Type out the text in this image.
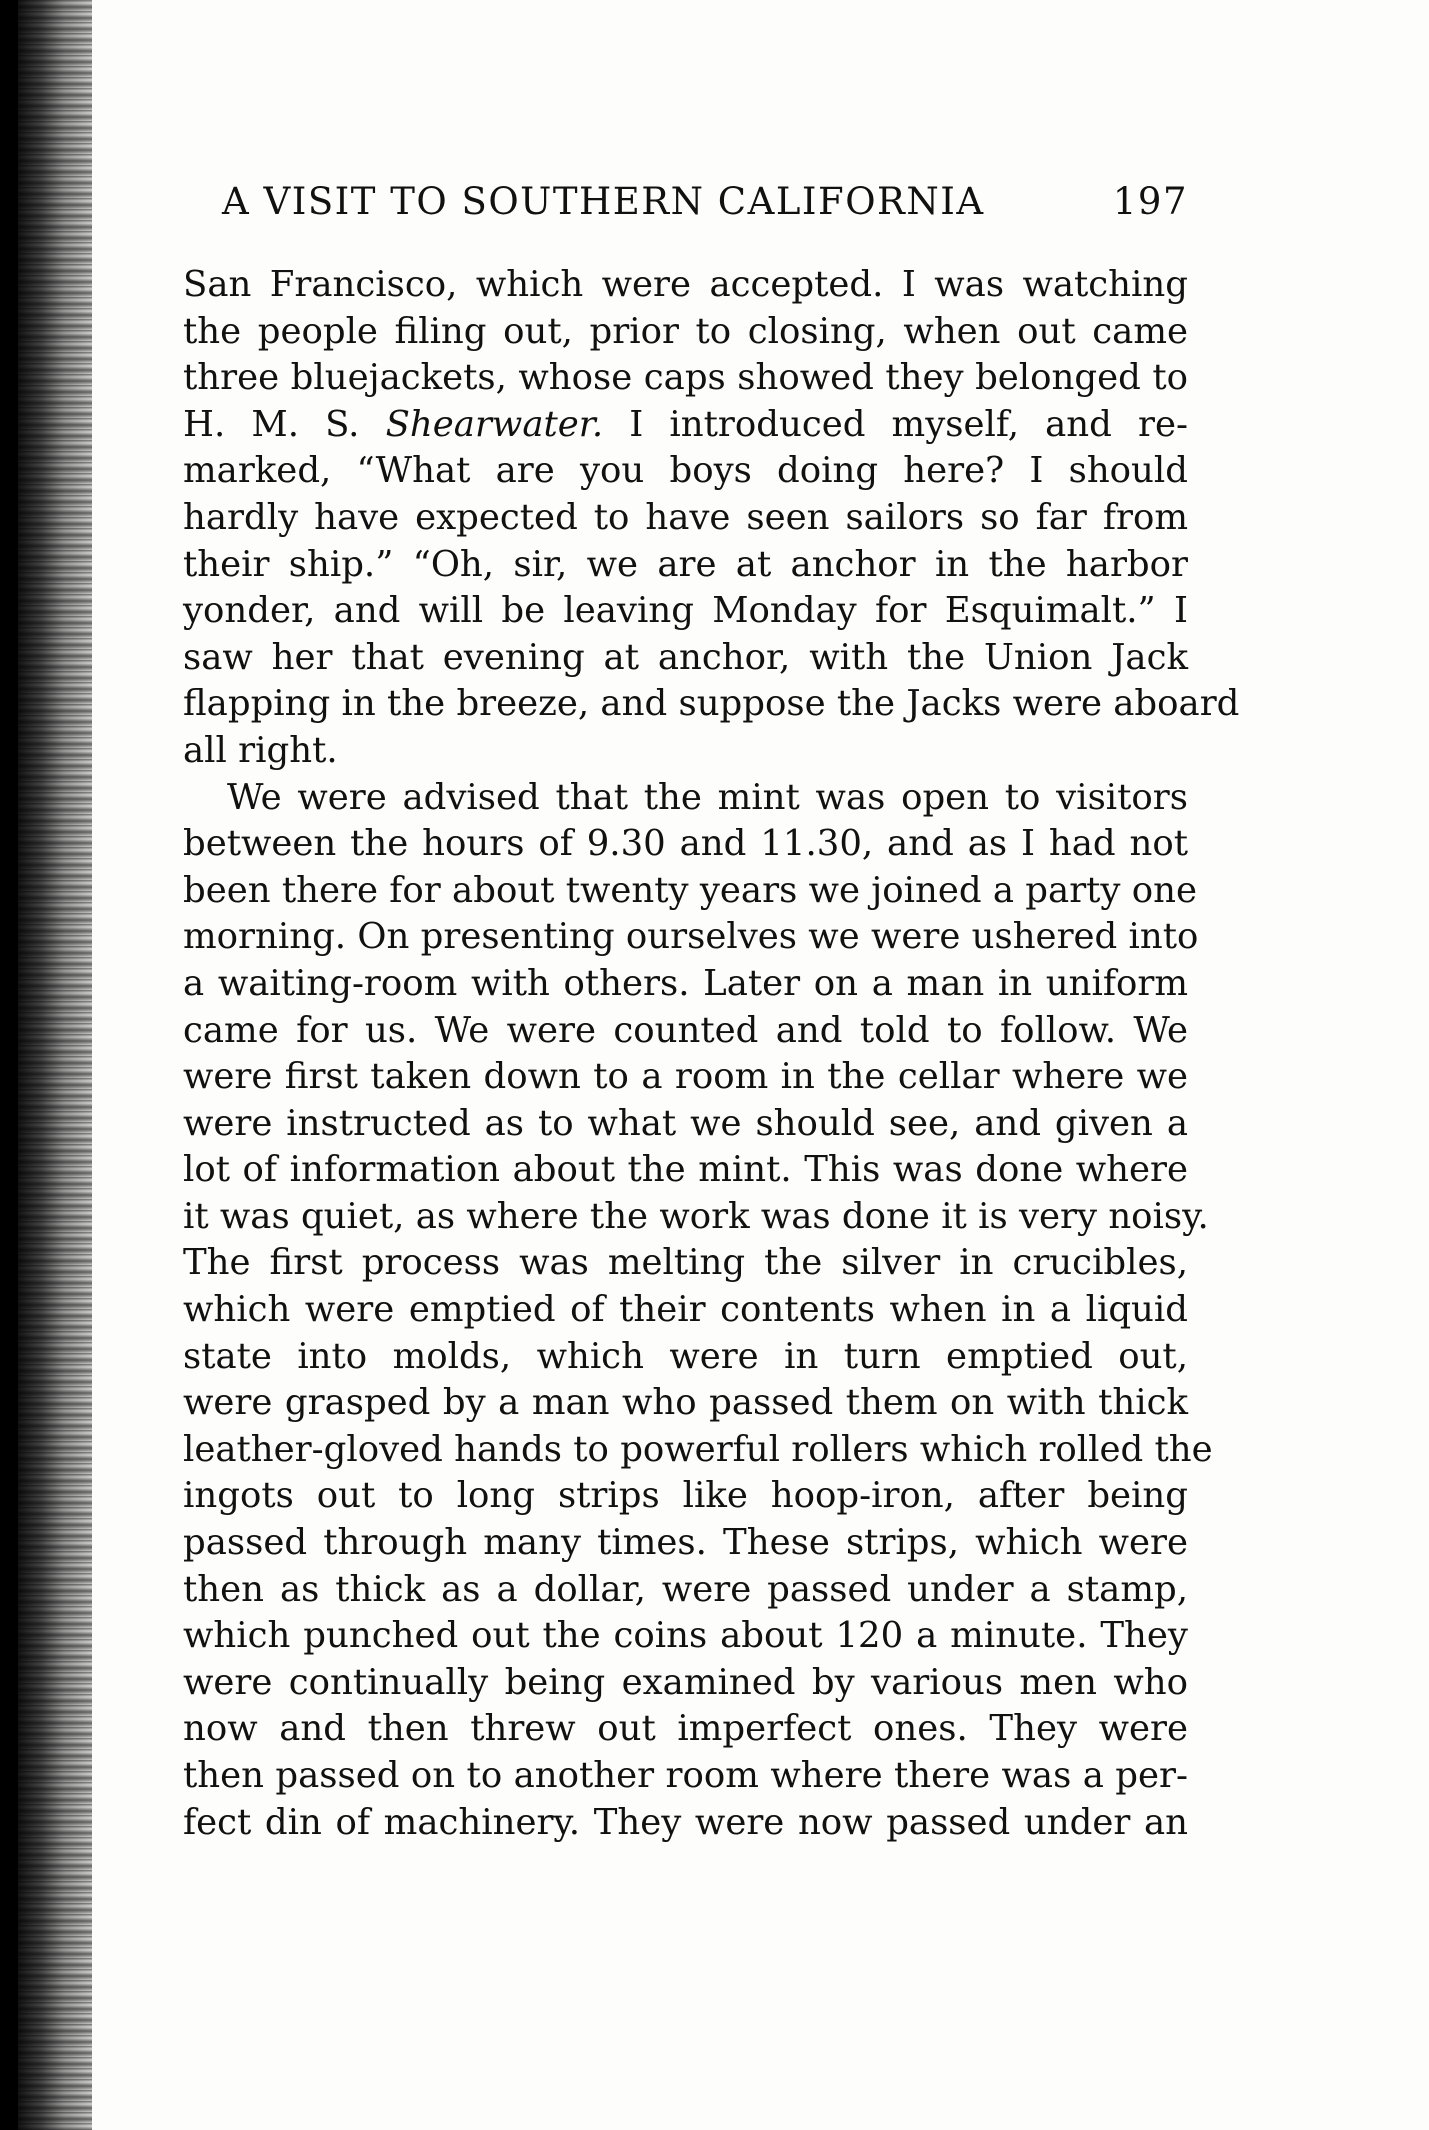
A VISIT TO SOUTHERN CALIFORNIA	197
San Francisco, which were accepted. I was watching
the people filing out, prior to closing, when out came
three bluejackets, whose caps showed they belonged to
H. M. S. Shearwater. I introduced myself, and re-
marked, “What are you boys doing here? I should
hardly have expected to have seen sailors so far from
their ship.” “Oh, sir, we are at anchor in the harbor
yonder, and will be leaving Monday for Esquimalt.” I
saw her that evening at anchor, with the Union Jack
flapping in the breeze, and suppose the Jacks were aboard
all right.
We were advised that the mint was open to visitors
between the hours of 9.30 and 11.30, and as I had not
been there for about twenty years we joined a party one
morning. On presenting ourselves we were ushered into
a waiting-room with others. Later on a man in uniform
came for us. We were counted and told to follow. We
were first taken down to a room in the cellar where we
were instructed as to what we should see, and given a
lot of information about the mint. This was done where
it was quiet, as where the work was done it is very noisy.
The first process was melting the silver in crucibles,
which were emptied of their contents when in a liquid
state into molds, which were in turn emptied out,
were grasped by a man who passed them on with thick
leather-gloved hands to powerful rollers which rolled the
ingots out to long strips like hoop-iron, after being
passed through many times. These strips, which were
then as thick as a dollar, were passed under a stamp,
which punched out the coins about 120 a minute. They
were continually being examined by various men who
now and then threw out imperfect ones. They were
then passed on to another room where there was a per-
fect din of machinery. They were now passed under an
